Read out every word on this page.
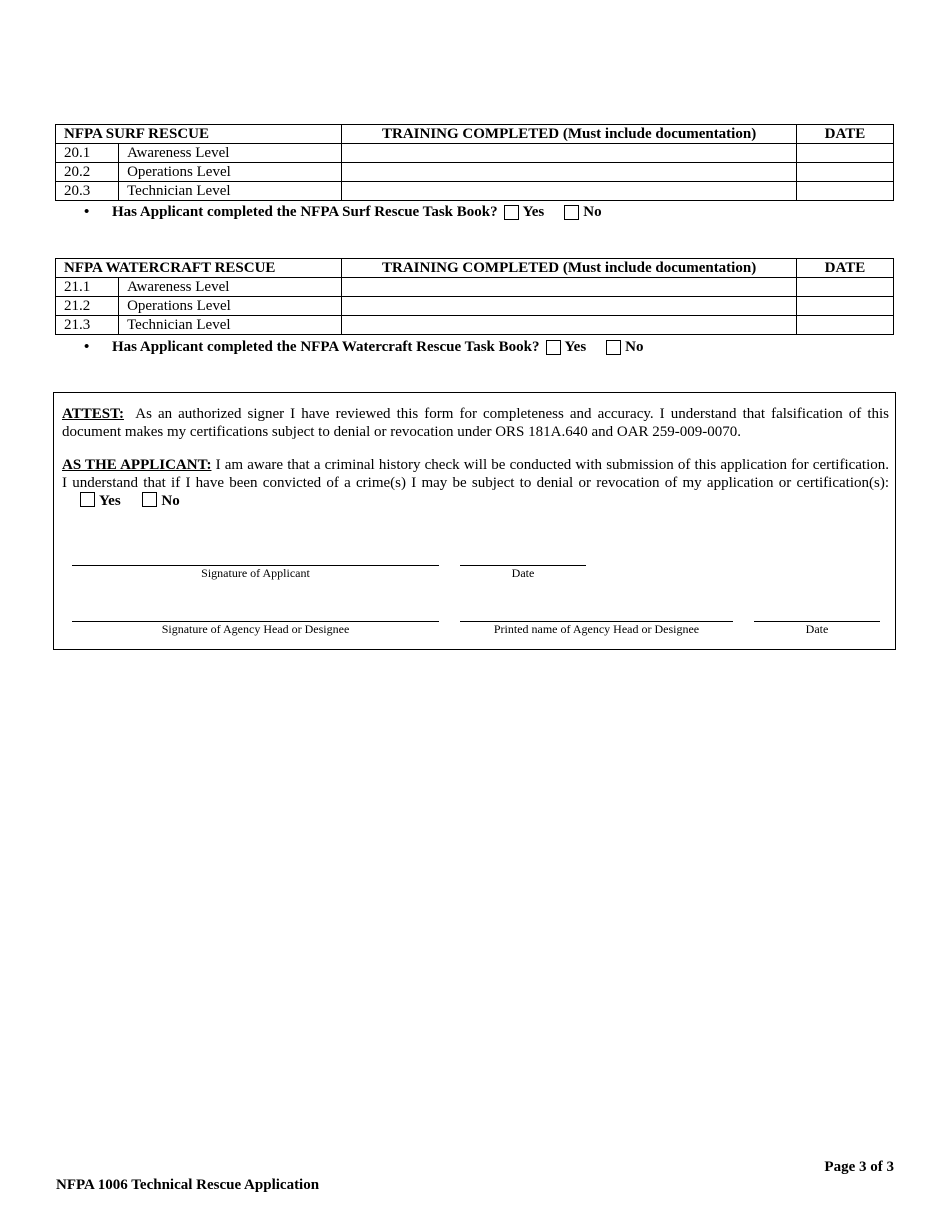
NFPA SURF RESCUE		TRAINING COMPLETED (Must include documentation)	DATE
20.1	Awareness Level		
20.2	Operations Level		
20.3	Technician Level		
•	Has Applicant completed the NFPA Surf Rescue Task Book? Yes	No
NFPA WATERCRAFT RESCUE		TRAINING COMPLETED (Must include documentation)	DATE
21.1	Awareness Level		
21.2	Operations Level		
21.3	Technician Level		
•	Has Applicant completed the NFPA Watercraft Rescue Task Book? Yes	No
ATTEST: As an authorized signer I have reviewed this form for completeness and accuracy. I understand that falsification of this document makes my certifications subject to denial or revocation under ORS 181A.640 and OAR 259-009-0070.
AS THE APPLICANT: I am aware that a criminal history check will be conducted with submission of this application for certification. I understand that if I have been convicted of a crime(s) I may be subject to denial or revocation of my application or certification(s): Yes	No
Signature of Applicant	Date
Signature of Agency Head or Designee	Printed name of Agency Head or Designee	Date
Page 3 of 3
NFPA 1006 Technical Rescue Application
